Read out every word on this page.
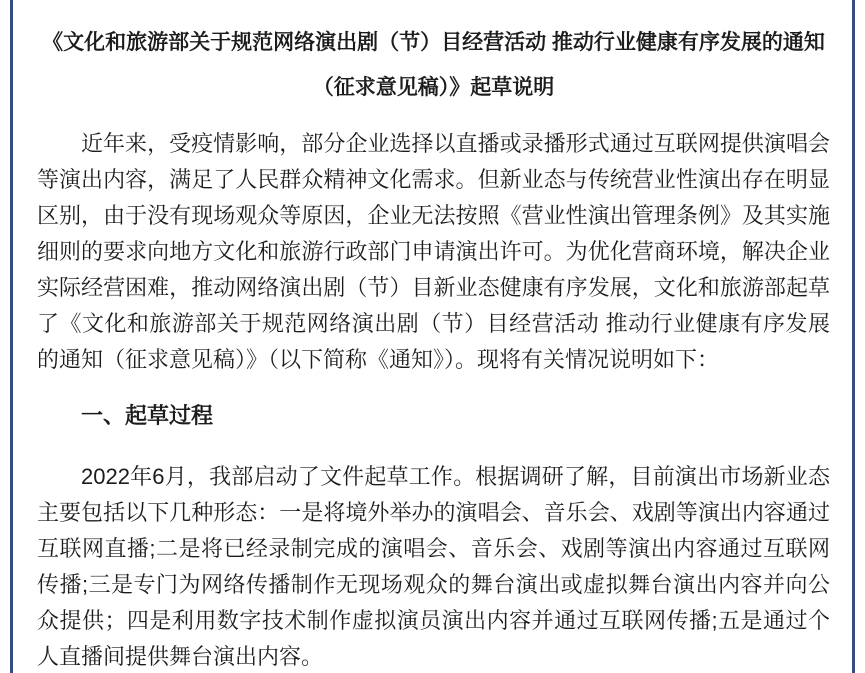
《文化和旅游部关于规范网络演出剧（节）目经营活动 推动行业健康有序发展的通知
（征求意见稿）》起草说明

近年来，受疫情影响，部分企业选择以直播或录播形式通过互联网提供演唱会等演出内容，满足了人民群众精神文化需求。但新业态与传统营业性演出存在明显区别，由于没有现场观众等原因，企业无法按照《营业性演出管理条例》及其实施细则的要求向地方文化和旅游行政部门申请演出许可。为优化营商环境，解决企业实际经营困难，推动网络演出剧（节）目新业态健康有序发展，文化和旅游部起草了《文化和旅游部关于规范网络演出剧（节）目经营活动 推动行业健康有序发展的通知（征求意见稿）》（以下简称《通知》）。现将有关情况说明如下：

一、起草过程

2022年6月，我部启动了文件起草工作。根据调研了解，目前演出市场新业态主要包括以下几种形态：一是将境外举办的演唱会、音乐会、戏剧等演出内容通过互联网直播;二是将已经录制完成的演唱会、音乐会、戏剧等演出内容通过互联网传播;三是专门为网络传播制作无现场观众的舞台演出或虚拟舞台演出内容并向公众提供；四是利用数字技术制作虚拟演员演出内容并通过互联网传播;五是通过个人直播间提供舞台演出内容。
